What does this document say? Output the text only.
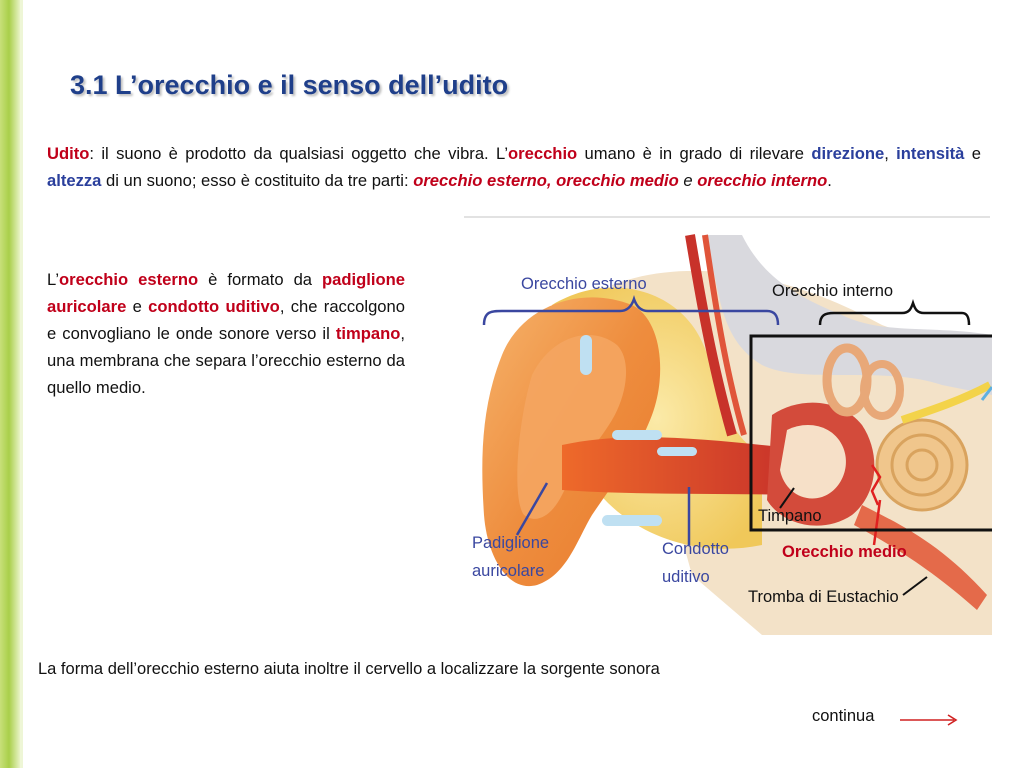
3.1 L’orecchio e il senso dell’udito
Udito: il suono è prodotto da qualsiasi oggetto che vibra. L’orecchio umano è in grado di rilevare direzione, intensità e altezza di un suono; esso è costituito da tre parti: orecchio esterno, orecchio medio e orecchio interno.
L’orecchio esterno è formato da padiglione auricolare e condotto uditivo, che raccolgono e convogliano le onde sonore verso il timpano, una membrana che separa l’orecchio esterno da quello medio.
Orecchio esterno	Orecchio interno
Padiglione
auricolare
Condotto
uditivo
Timpano
Orecchio medio
Tromba di Eustachio
La forma dell’orecchio esterno aiuta inoltre il cervello a localizzare la sorgente sonora
continua
